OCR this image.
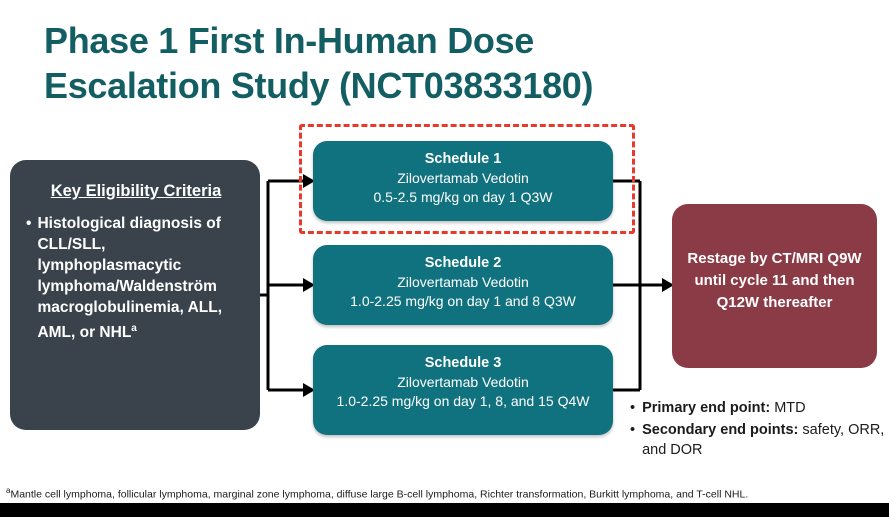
Phase 1 First In-Human Dose
Escalation Study (NCT03833180)
Key Eligibility Criteria
• Histological diagnosis of CLL/SLL, lymphoplasmacytic lymphoma/Waldenström macroglobulinemia, ALL, AML, or NHL$^a$
Schedule 1
Zilovertamab Vedotin
0.5-2.5 mg/kg on day 1 Q3W
Schedule 2
Zilovertamab Vedotin
1.0-2.25 mg/kg on day 1 and 8 Q3W
Schedule 3
Zilovertamab Vedotin
1.0-2.25 mg/kg on day 1, 8, and 15 Q4W
Restage by CT/MRI Q9W until cycle 11 and then Q12W thereafter
• Primary end point: MTD
• Secondary end points: safety, ORR, and DOR
$^a$Mantle cell lymphoma, follicular lymphoma, marginal zone lymphoma, diffuse large B-cell lymphoma, Richter transformation, Burkitt lymphoma, and T-cell NHL.
